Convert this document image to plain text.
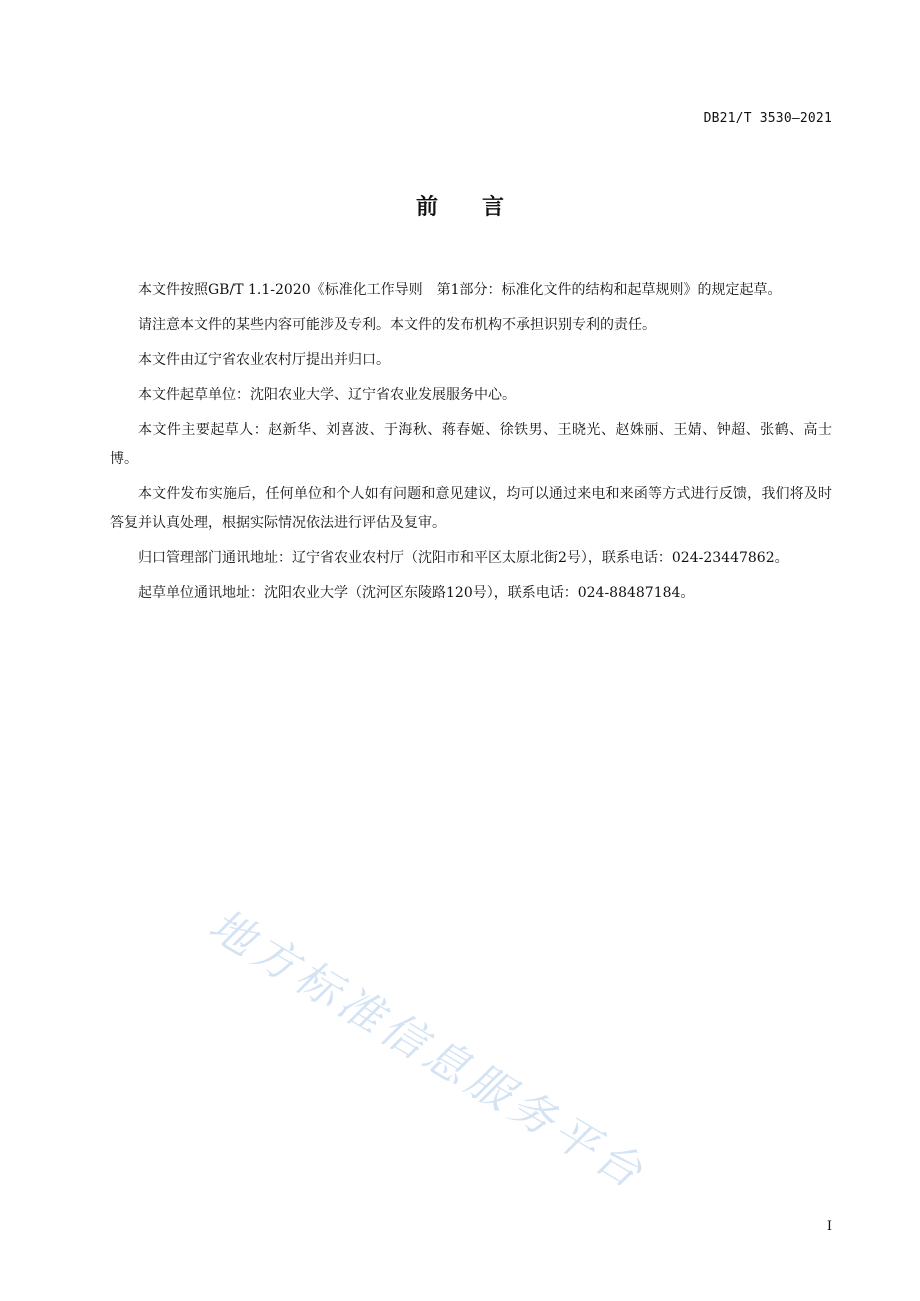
DB21/T 3530—2021
前言

本文件按照GB/T 1.1-2020《标准化工作导则　第1部分：标准化文件的结构和起草规则》的规定起草。

请注意本文件的某些内容可能涉及专利。本文件的发布机构不承担识别专利的责任。

本文件由辽宁省农业农村厅提出并归口。

本文件起草单位：沈阳农业大学、辽宁省农业发展服务中心。

本文件主要起草人：赵新华、刘喜波、于海秋、蒋春姬、徐铁男、王晓光、赵姝丽、王婧、钟超、张鹤、高士博。

本文件发布实施后，任何单位和个人如有问题和意见建议，均可以通过来电和来函等方式进行反馈，我们将及时答复并认真处理，根据实际情况依法进行评估及复审。

归口管理部门通讯地址：辽宁省农业农村厅（沈阳市和平区太原北街2号），联系电话：024-23447862。

起草单位通讯地址：沈阳农业大学（沈河区东陵路120号），联系电话：024-88487184。

地方标准信息服务平台
I
